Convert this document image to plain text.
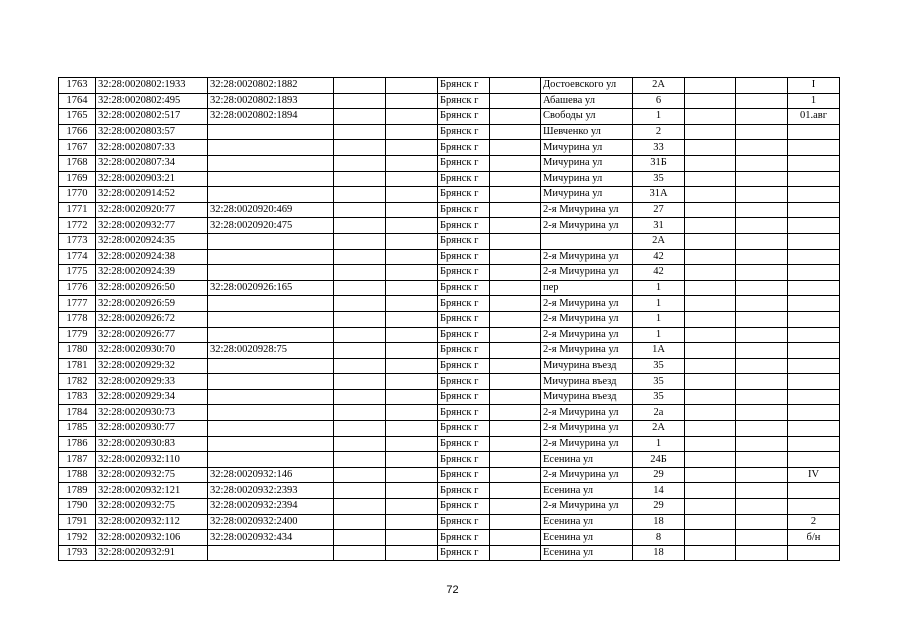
1763	32:28:0020802:1933	32:28:0020802:1882			Брянск г		Достоевского ул	2А			I
1764	32:28:0020802:495	32:28:0020802:1893			Брянск г		Абашева ул	6			1
1765	32:28:0020802:517	32:28:0020802:1894			Брянск г		Свободы ул	1			01.авг
1766	32:28:0020803:57				Брянск г		Шевченко ул	2			
1767	32:28:0020807:33				Брянск г		Мичурина ул	33			
1768	32:28:0020807:34				Брянск г		Мичурина ул	31Б			
1769	32:28:0020903:21				Брянск г		Мичурина ул	35			
1770	32:28:0020914:52				Брянск г		Мичурина ул	31А			
1771	32:28:0020920:77	32:28:0020920:469			Брянск г		2-я Мичурина ул	27			
1772	32:28:0020932:77	32:28:0020920:475			Брянск г		2-я Мичурина ул	31			
1773	32:28:0020924:35				Брянск г			2А			
1774	32:28:0020924:38				Брянск г		2-я Мичурина ул	42			
1775	32:28:0020924:39				Брянск г		2-я Мичурина ул	42			
1776	32:28:0020926:50	32:28:0020926:165			Брянск г		пер	1			
1777	32:28:0020926:59				Брянск г		2-я Мичурина ул	1			
1778	32:28:0020926:72				Брянск г		2-я Мичурина ул	1			
1779	32:28:0020926:77				Брянск г		2-я Мичурина ул	1			
1780	32:28:0020930:70	32:28:0020928:75			Брянск г		2-я Мичурина ул	1А			
1781	32:28:0020929:32				Брянск г		Мичурина въезд	35			
1782	32:28:0020929:33				Брянск г		Мичурина въезд	35			
1783	32:28:0020929:34				Брянск г		Мичурина въезд	35			
1784	32:28:0020930:73				Брянск г		2-я Мичурина ул	2а			
1785	32:28:0020930:77				Брянск г		2-я Мичурина ул	2А			
1786	32:28:0020930:83				Брянск г		2-я Мичурина ул	1			
1787	32:28:0020932:110				Брянск г		Есенина ул	24Б			
1788	32:28:0020932:75	32:28:0020932:146			Брянск г		2-я Мичурина ул	29			IV
1789	32:28:0020932:121	32:28:0020932:2393			Брянск г		Есенина ул	14			
1790	32:28:0020932:75	32:28:0020932:2394			Брянск г		2-я Мичурина ул	29			
1791	32:28:0020932:112	32:28:0020932:2400			Брянск г		Есенина ул	18			2
1792	32:28:0020932:106	32:28:0020932:434			Брянск г		Есенина ул	8			б/н
1793	32:28:0020932:91				Брянск г		Есенина ул	18			
72
